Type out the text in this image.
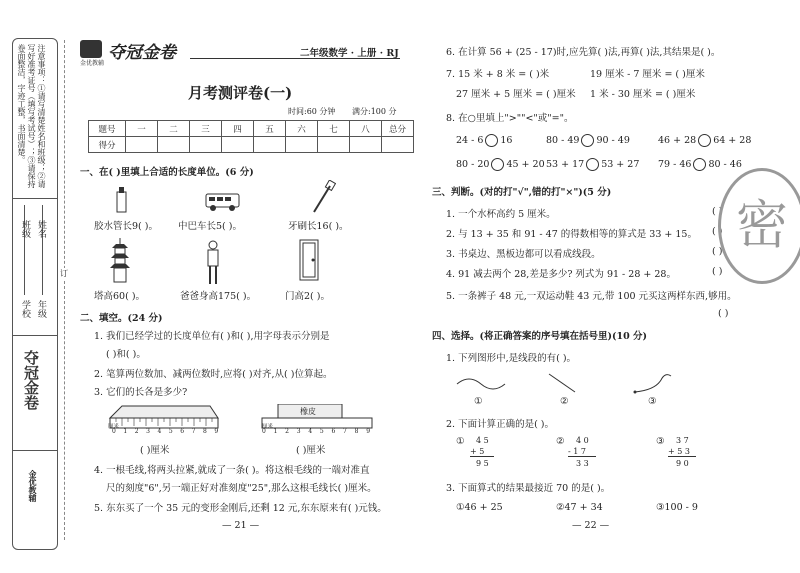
注意事项：①请写清楚姓名和班级；②请写好准考证号（填写考试号）；③请保持卷面整洁，字迹工整，书面清楚。
学校
班级
年级
姓名
夺冠金卷
金优教辅
订
金优教辅
夺冠金卷	二年级数学 · 上册 · RJ
月考测评卷(一)
时间:60 分钟 满分:100 分
题号	一	二	三	四	五	六	七	八	总分
得分									
一、在( )里填上合适的长度单位。(6 分)
胶水管长9( )。 中巴车长5( )。	牙刷长16( )。
塔高60( )。	爸爸身高175( )。	门高2( )。
二、填空。(24 分)
1. 我们已经学过的长度单位有( )和( ),用字母表示分别是
( )和( )。
2. 笔算两位数加、减两位数时,应将( )对齐,从( )位算起。
3. 它们的长各是多少?
厘米
橡皮
厘米
0 1 2 3 4 5 6 7 8 9	0 1 2 3 4 5 6 7 8 9
( )厘米	( )厘米
4. 一根毛线,将两头拉紧,就成了一条( )。将这根毛线的一端对准直
尺的刻度"6",另一端正好对准刻度"25",那么这根毛线长( )厘米。
5. 东东买了一个 35 元的变形金刚后,还剩 12 元,东东原来有( )元钱。
— 21 —
6. 在计算 56 + (25 - 17)时,应先算( )法,再算( )法,其结果是( )。
7. 15 米 + 8 米 = ( )米	19 厘米 - 7 厘米 = ( )厘米
27 厘米 + 5 厘米 = ( )厘米 1 米 - 30 厘米 = ( )厘米
8. 在○里填上">""<"或"="。
24 - 6 16	80 - 49 90 - 49	46 + 28 64 + 28
80 - 20 45 + 20 53 + 17 53 + 27 79 - 46 80 - 46
三、判断。(对的打"√",错的打"×")(5 分)
1. 一个水杯高约 5 厘米。
2. 与 13 + 35 和 91 - 47 的得数相等的算式是 33 + 15。
3. 书桌边、黑板边都可以看成线段。
4. 91 减去两个 28,差是多少? 列式为 91 - 28 + 28。
5. 一条裤子 48 元,一双运动鞋 43 元,带 100 元买这两样东西,够用。
( )
( )
( )
( )
( )
密
四、选择。(将正确答案的序号填在括号里)(10 分)
1. 下列图形中,是线段的有( )。
①	②	③
2. 下面计算正确的是( )。
① 4 5
+ 5
9 5
② 4 0
- 1 7
3 3
③ 3 7
+ 5 3
9 0
3. 下面算式的结果最接近 70 的是( )。
①46 + 25	②47 + 34	③100 - 9
— 22 —
